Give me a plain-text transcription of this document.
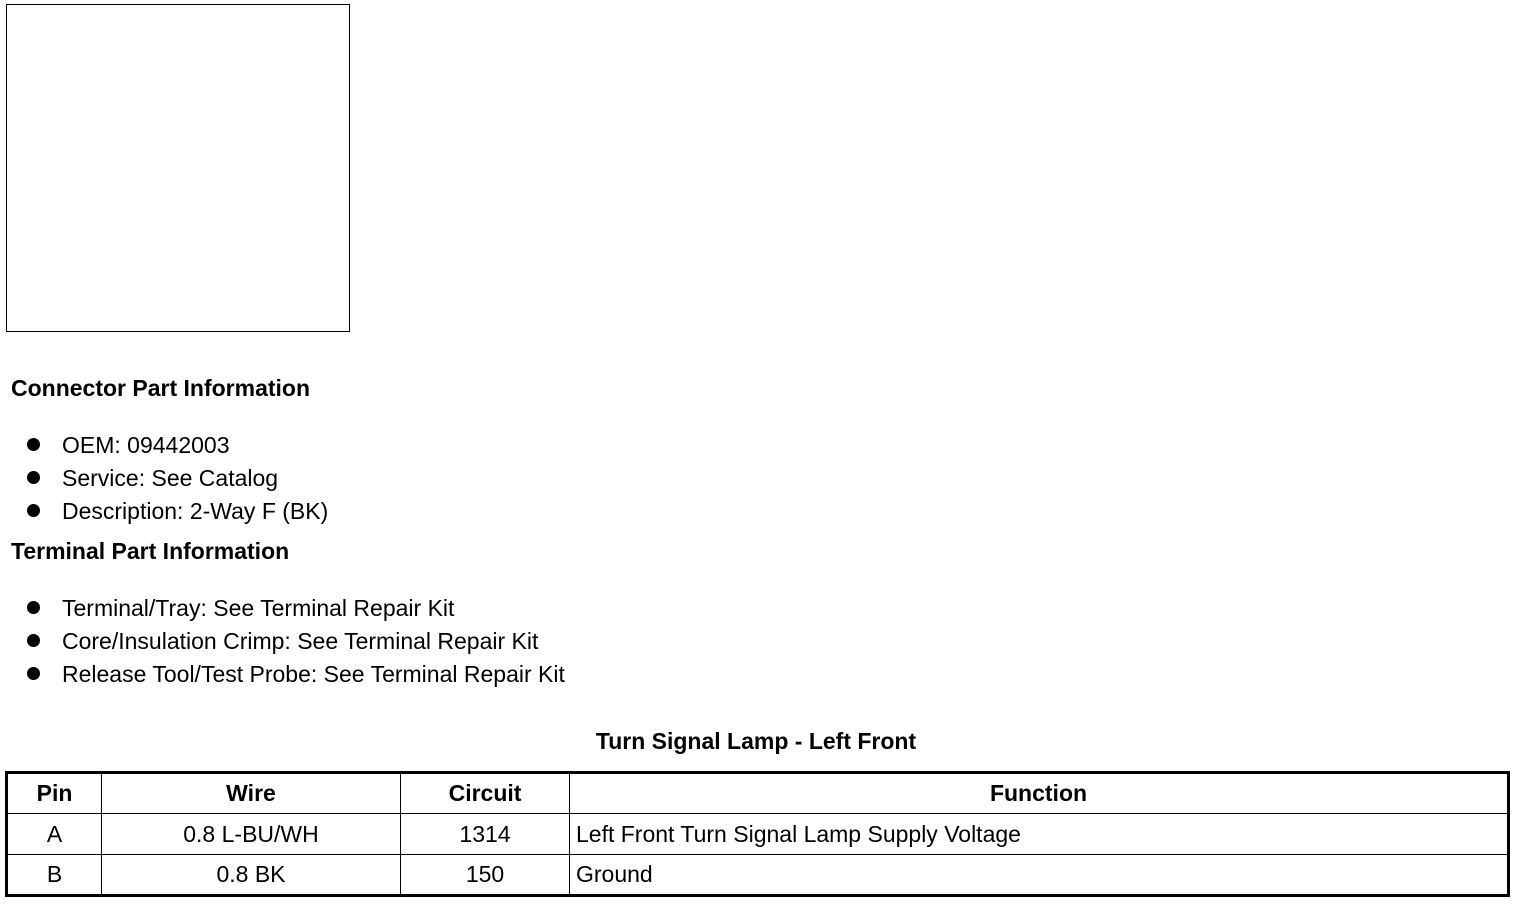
Connector Part Information
OEM: 09442003
Service: See Catalog
Description: 2-Way F (BK)
Terminal Part Information
Terminal/Tray: See Terminal Repair Kit
Core/Insulation Crimp: See Terminal Repair Kit
Release Tool/Test Probe: See Terminal Repair Kit
Turn Signal Lamp - Left Front
Pin	Wire	Circuit	Function
A	0.8 L-BU/WH	1314	Left Front Turn Signal Lamp Supply Voltage
B	0.8 BK	150	Ground
